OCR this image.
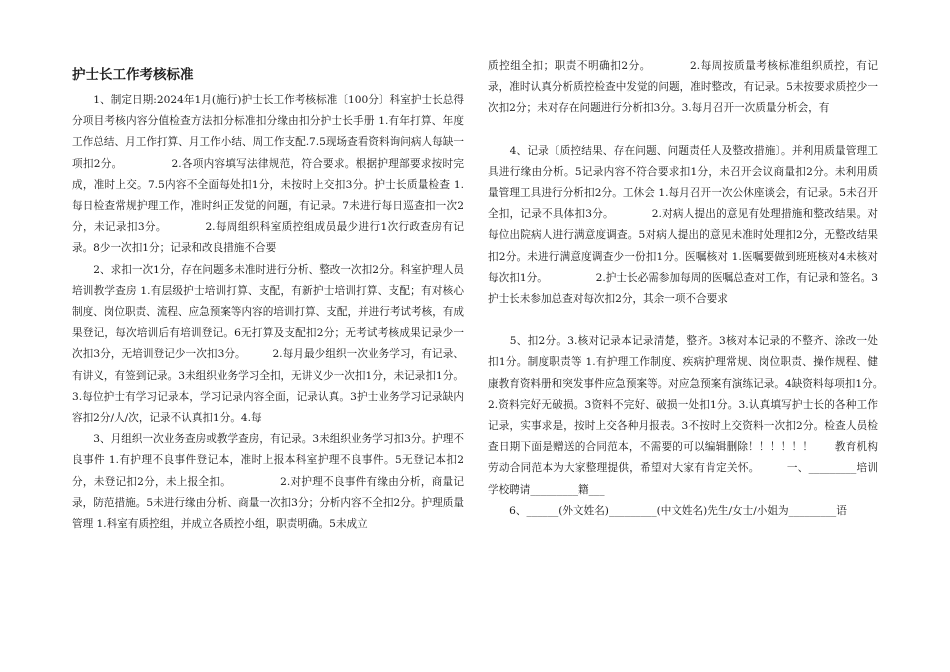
护士长工作考核标准

　　1、制定日期:2024年1月(施行)护士长工作考核标准〔100分〕科室护士长总得分项目考核内容分值检查方法扣分标准扣分缘由扣分护士长手册 1.有年打算、年度工作总结、月工作打算、月工作小结、周工作支配.7.5现场查看资料询问病人每缺一项扣2分。　　　　　2.各项内容填写法律规范，符合要求。根据护理部要求按时完成，准时上交。7.5内容不全面每处扣1分，未按时上交扣3分。护士长质量检查 1.每日检查常规护理工作，准时纠正发觉的问题，有记录。7未进行每日巡查扣一次2分，未记录扣3分。　　　　2.每周组织科室质控组成员最少进行1次行政查房有记录。8少一次扣1分；记录和改良措施不合要

　　2、求扣一次1分，存在问题多未准时进行分析、整改一次扣2分。科室护理人员培训教学查房 1.有层级护士培训打算、支配，有新护士培训打算、支配；有对核心制度、岗位职责、流程、应急预案等内容的培训打算、支配，并进行考试考核，有成果登记，每次培训后有培训登记。6无打算及支配扣2分；无考试考核成果记录少一次扣3分，无培训登记少一次扣3分。　　　2.每月最少组织一次业务学习，有记录、有讲义，有签到记录。3未组织业务学习全扣，无讲义少一次扣1分，未记录扣1分。3.每位护士有学习记录本，学习记录内容全面，记录认真。3护士业务学习记录缺内容扣2分/人/次，记录不认真扣1分。4.每

　　3、月组织一次业务查房或教学查房，有记录。3未组织业务学习扣3分。护理不良事件 1.有护理不良事件登记本，准时上报本科室护理不良事件。5无登记本扣2分，未登记扣2分，未上报全扣。　　　　　2.对护理不良事件有缘由分析，商量记录，防范措施。5未进行缘由分析、商量一次扣3分；分析内容不全扣2分。护理质量管理 1.科室有质控组，并成立各质控小组，职责明确。5未成立

质控组全扣；职责不明确扣2分。　　　　2.每周按质量考核标准组织质控，有记录，准时认真分析质控检查中发觉的问题，准时整改，有记录。5未按要求质控少一次扣2分；未对存在问题进行分析扣3分。3.每月召开一次质量分析会，有

　　4、记录〔质控结果、存在问题、问题责任人及整改措施〕。并利用质量管理工具进行缘由分析。5记录内容不符合要求扣1分，未召开会议商量扣2分。未利用质量管理工具进行分析扣2分。工休会 1.每月召开一次公休座谈会，有记录。5未召开全扣，记录不具体扣3分。　　　　2.对病人提出的意见有处理措施和整改结果。对每位出院病人进行满意度调查。5对病人提出的意见未准时处理扣2分，无整改结果扣2分。未进行满意度调查少一份扣1分。医嘱核对 1.医嘱要做到班班核对4未核对每次扣1分。　　　　　2.护士长必需参加每周的医嘱总查对工作，有记录和签名。3护士长未参加总查对每次扣2分，其余一项不合要求

　　5、扣2分。3.核对记录本记录清楚，整齐。3核对本记录的不整齐、涂改一处扣1分。制度职责等 1.有护理工作制度、疾病护理常规、岗位职责、操作规程、健康教育资料册和突发事件应急预案等。对应急预案有演练记录。4缺资料每项扣1分。　　　　　2.资料完好无破损。3资料不完好、破损一处扣1分。3.认真填写护士长的各种工作记录，实事求是，按时上交各种月报表。3不按时上交资料一次扣2分。检查人员检查日期下面是赠送的合同范本，不需要的可以编辑删除！！！！！！　　教育机构劳动合同范本为大家整理提供，希望对大家有肯定关怀。　　　一、_________培训学校聘请_________籍___

　　6、______(外文姓名)_________(中文姓名)先生/女士/小姐为_________语
